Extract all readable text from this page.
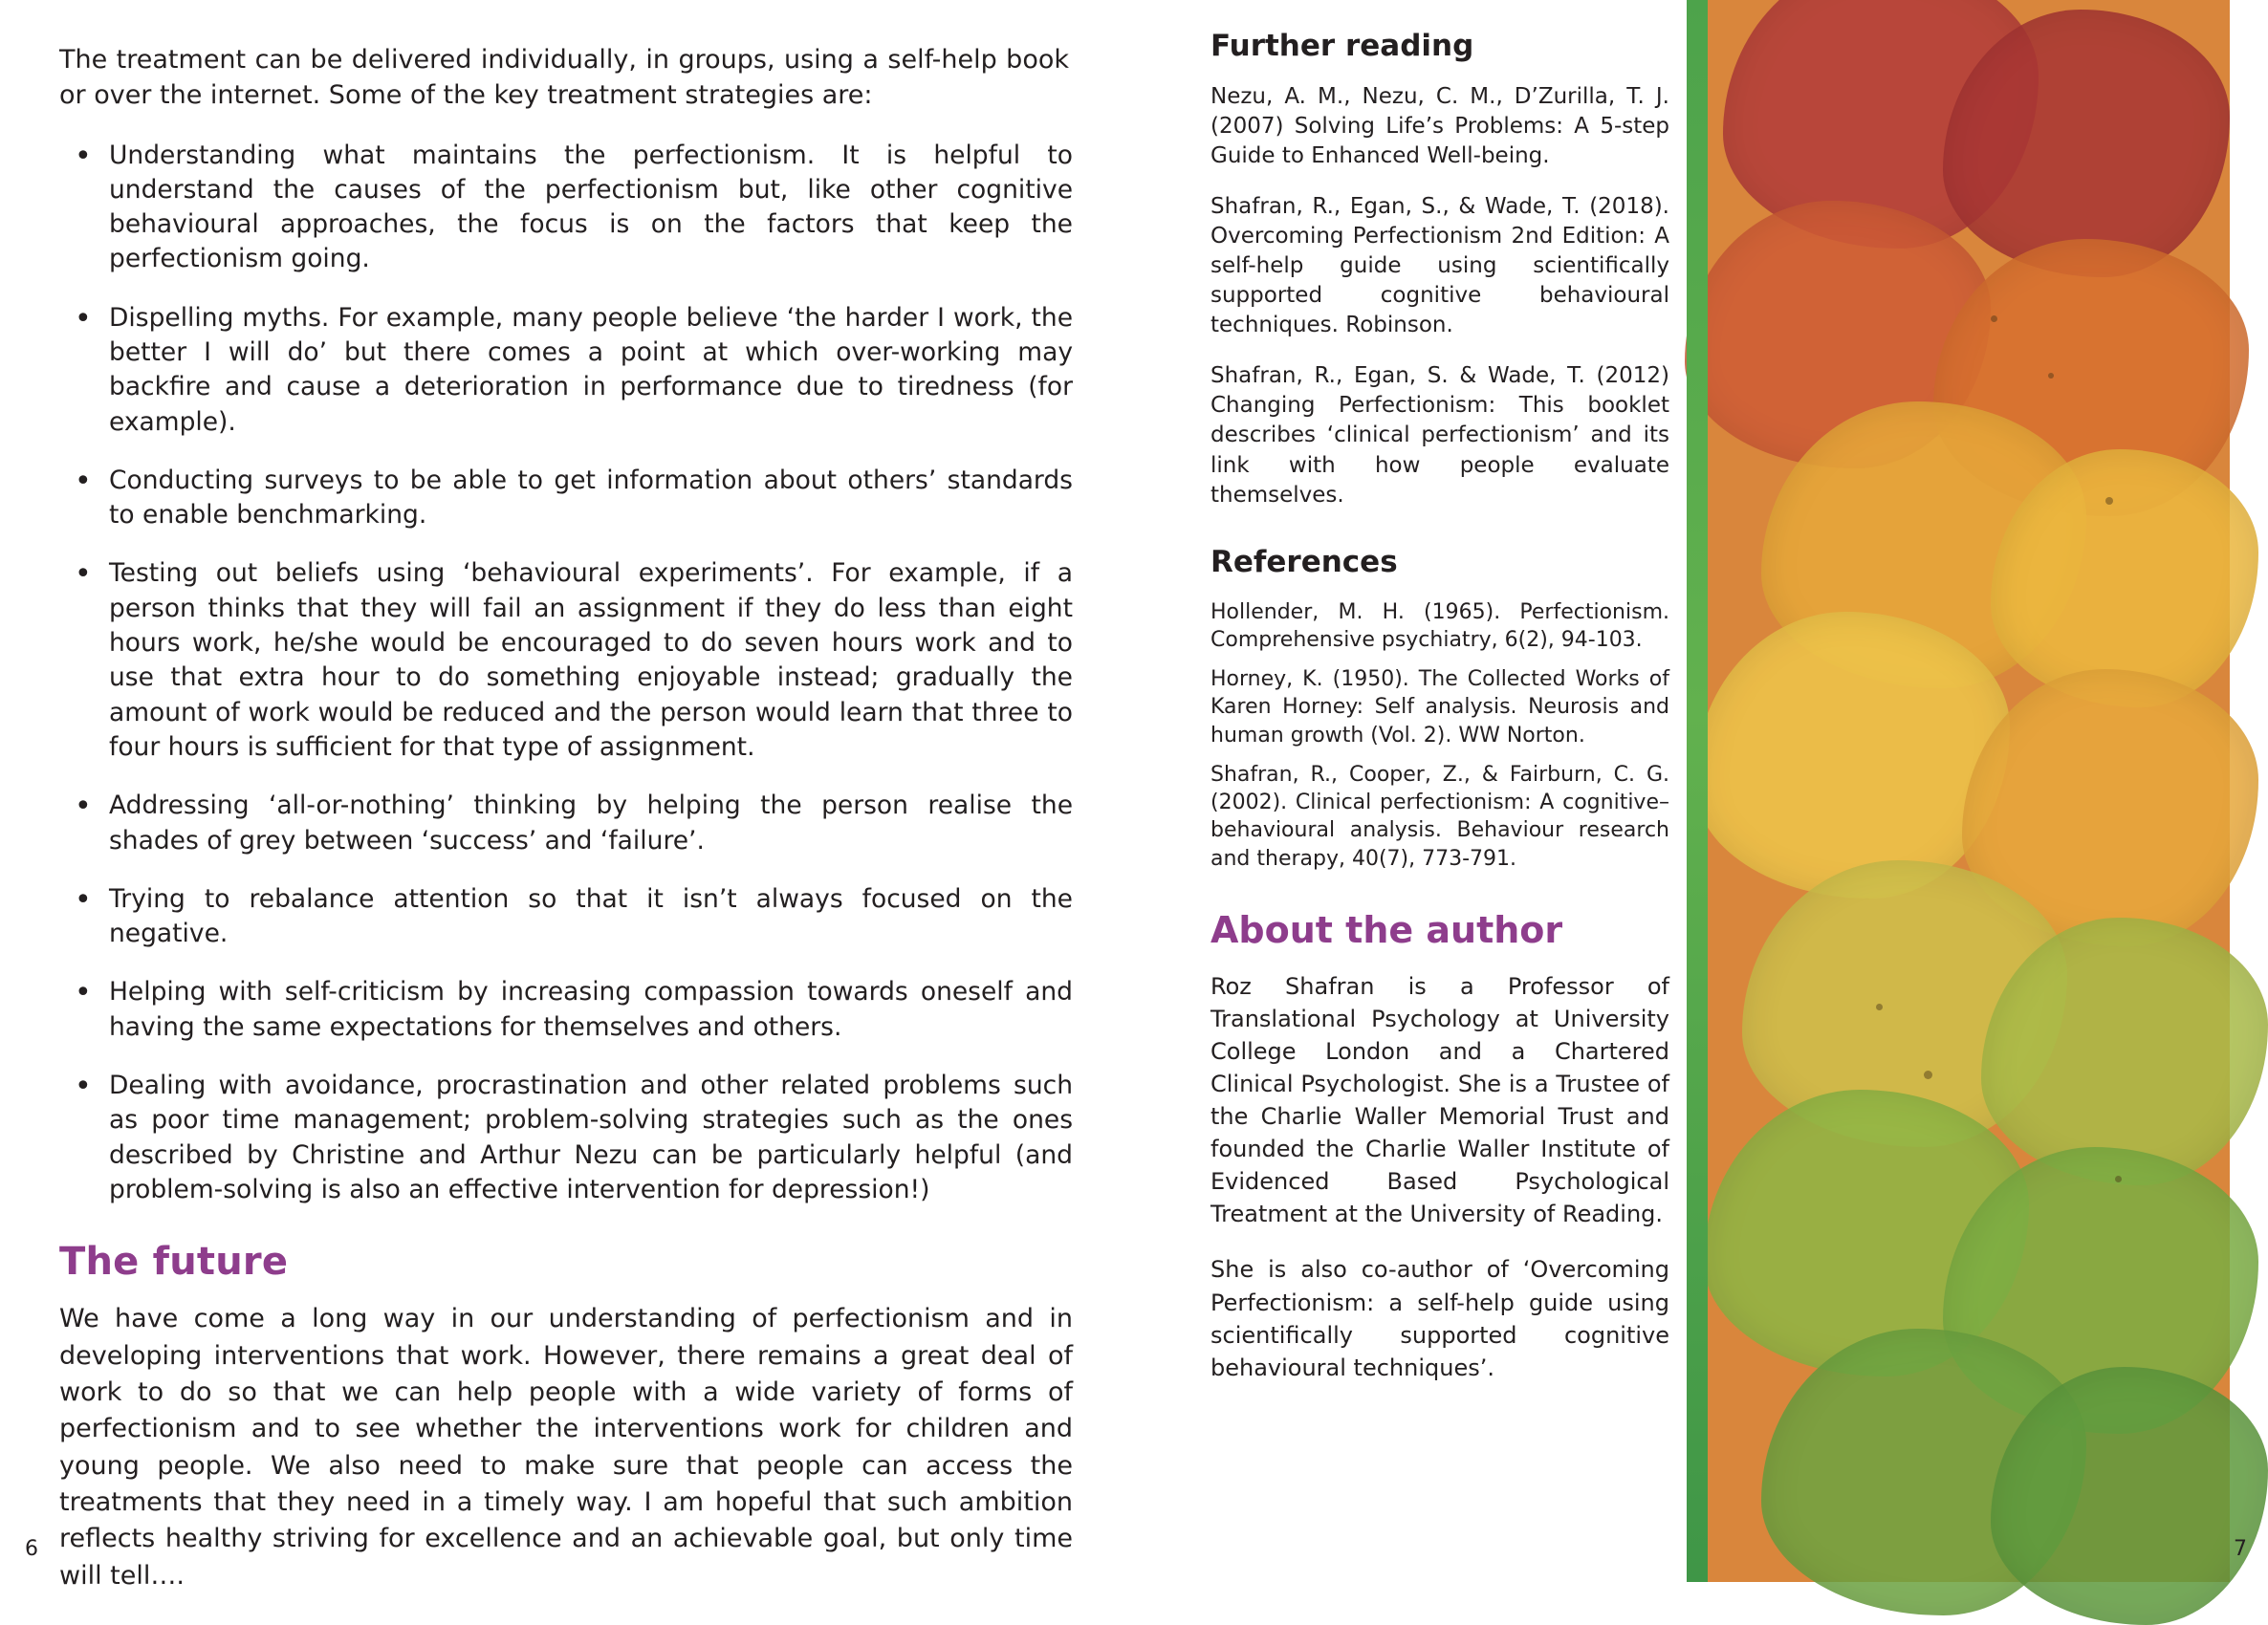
The treatment can be delivered individually, in groups, using a self-help book or over the internet. Some of the key treatment strategies are:

• Understanding what maintains the perfectionism. It is helpful to understand the causes of the perfectionism but, like other cognitive behavioural approaches, the focus is on the factors that keep the perfectionism going.
• Dispelling myths. For example, many people believe ‘the harder I work, the better I will do’ but there comes a point at which over-working may backfire and cause a deterioration in performance due to tiredness (for example).
• Conducting surveys to be able to get information about others’ standards to enable benchmarking.
• Testing out beliefs using ‘behavioural experiments’. For example, if a person thinks that they will fail an assignment if they do less than eight hours work, he/she would be encouraged to do seven hours work and to use that extra hour to do something enjoyable instead; gradually the amount of work would be reduced and the person would learn that three to four hours is sufficient for that type of assignment.
• Addressing ‘all-or-nothing’ thinking by helping the person realise the shades of grey between ‘success’ and ‘failure’.
• Trying to rebalance attention so that it isn’t always focused on the negative.
• Helping with self-criticism by increasing compassion towards oneself and having the same expectations for themselves and others.
• Dealing with avoidance, procrastination and other related problems such as poor time management; problem-solving strategies such as the ones described by Christine and Arthur Nezu can be particularly helpful (and problem-solving is also an effective intervention for depression!)
The future

We have come a long way in our understanding of perfectionism and in developing interventions that work. However, there remains a great deal of work to do so that we can help people with a wide variety of forms of perfectionism and to see whether the interventions work for children and young people. We also need to make sure that people can access the treatments that they need in a timely way. I am hopeful that such ambition reflects healthy striving for excellence and an achievable goal, but only time will tell….

6
Further reading

Nezu, A. M., Nezu, C. M., D’Zurilla, T. J. (2007) Solving Life’s Problems: A 5-step Guide to Enhanced Well-being.

Shafran, R., Egan, S., & Wade, T. (2018). Overcoming Perfectionism 2nd Edition: A self-help guide using scientifically supported cognitive behavioural techniques. Robinson.

Shafran, R., Egan, S. & Wade, T. (2012) Changing Perfectionism: This booklet describes ‘clinical perfectionism’ and its link with how people evaluate themselves.

References

Hollender, M. H. (1965). Perfectionism. Comprehensive psychiatry, 6(2), 94-103.

Horney, K. (1950). The Collected Works of Karen Horney: Self analysis. Neurosis and human growth (Vol. 2). WW Norton.

Shafran, R., Cooper, Z., & Fairburn, C. G. (2002). Clinical perfectionism: A cognitive–behavioural analysis. Behaviour research and therapy, 40(7), 773-791.

About the author

Roz Shafran is a Professor of Translational Psychology at University College London and a Chartered Clinical Psychologist. She is a Trustee of the Charlie Waller Memorial Trust and founded the Charlie Waller Institute of Evidenced Based Psychological Treatment at the University of Reading.

She is also co-author of ‘Overcoming Perfectionism: a self-help guide using scientifically supported cognitive behavioural techniques’.

7
